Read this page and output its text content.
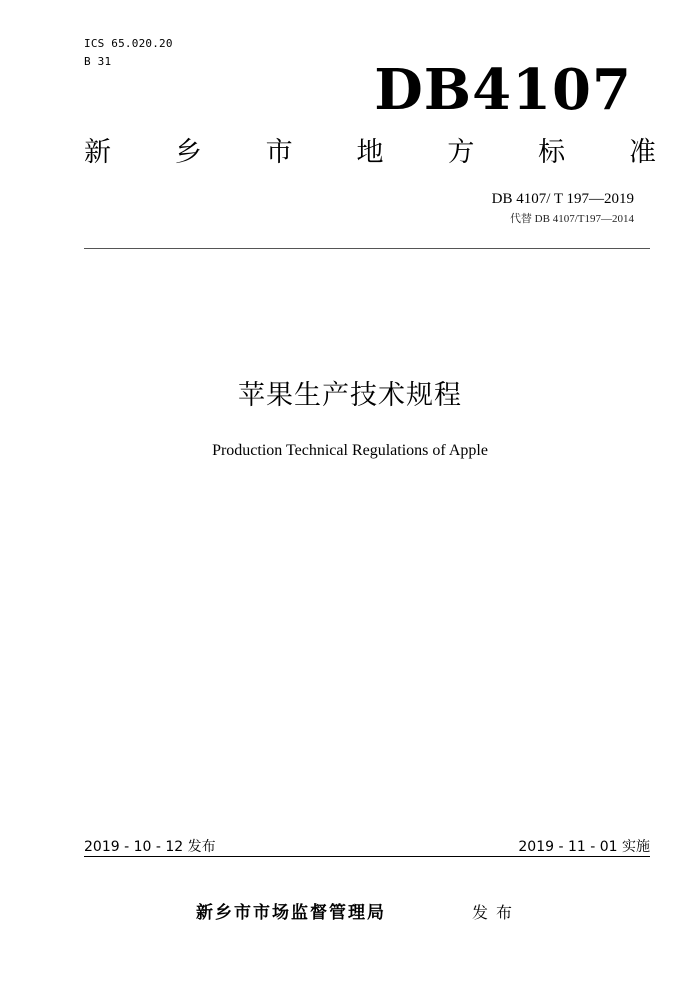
ICS 65.020.20
B 31	DB4107
新 乡 市 地 方 标 准
DB 4107/ T 197—2019
代替 DB 4107/T197—2014
苹果生产技术规程
Production Technical Regulations of Apple
2019 - 10 - 12 发布	2019 - 11 - 01 实施
新乡市市场监督管理局	发布
